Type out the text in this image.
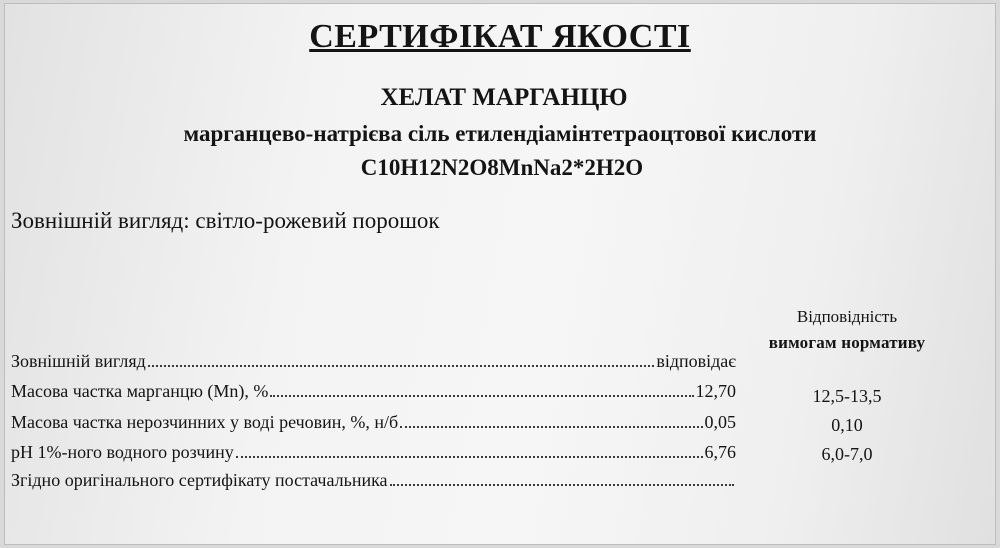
СЕРТИФІКАТ ЯКОСТІ
ХЕЛАТ МАРГАНЦЮ
марганцево-натрієва сіль етилендіамінтетраоцтової кислоти
C10H12N2O8MnNa2*2H2O
Зовнішній вигляд: світло-рожевий порошок
Відповідність
вимогам нормативу
Зовнішній вигляд	відповідає
Масова частка марганцю (Mn), %	12,70	12,5-13,5
Масова частка нерозчинних у воді речовин, %, н/б	0,05	0,10
pH 1%-ного водного розчину	6,76	6,0-7,0
Згідно оригінального сертифікату постачальника
